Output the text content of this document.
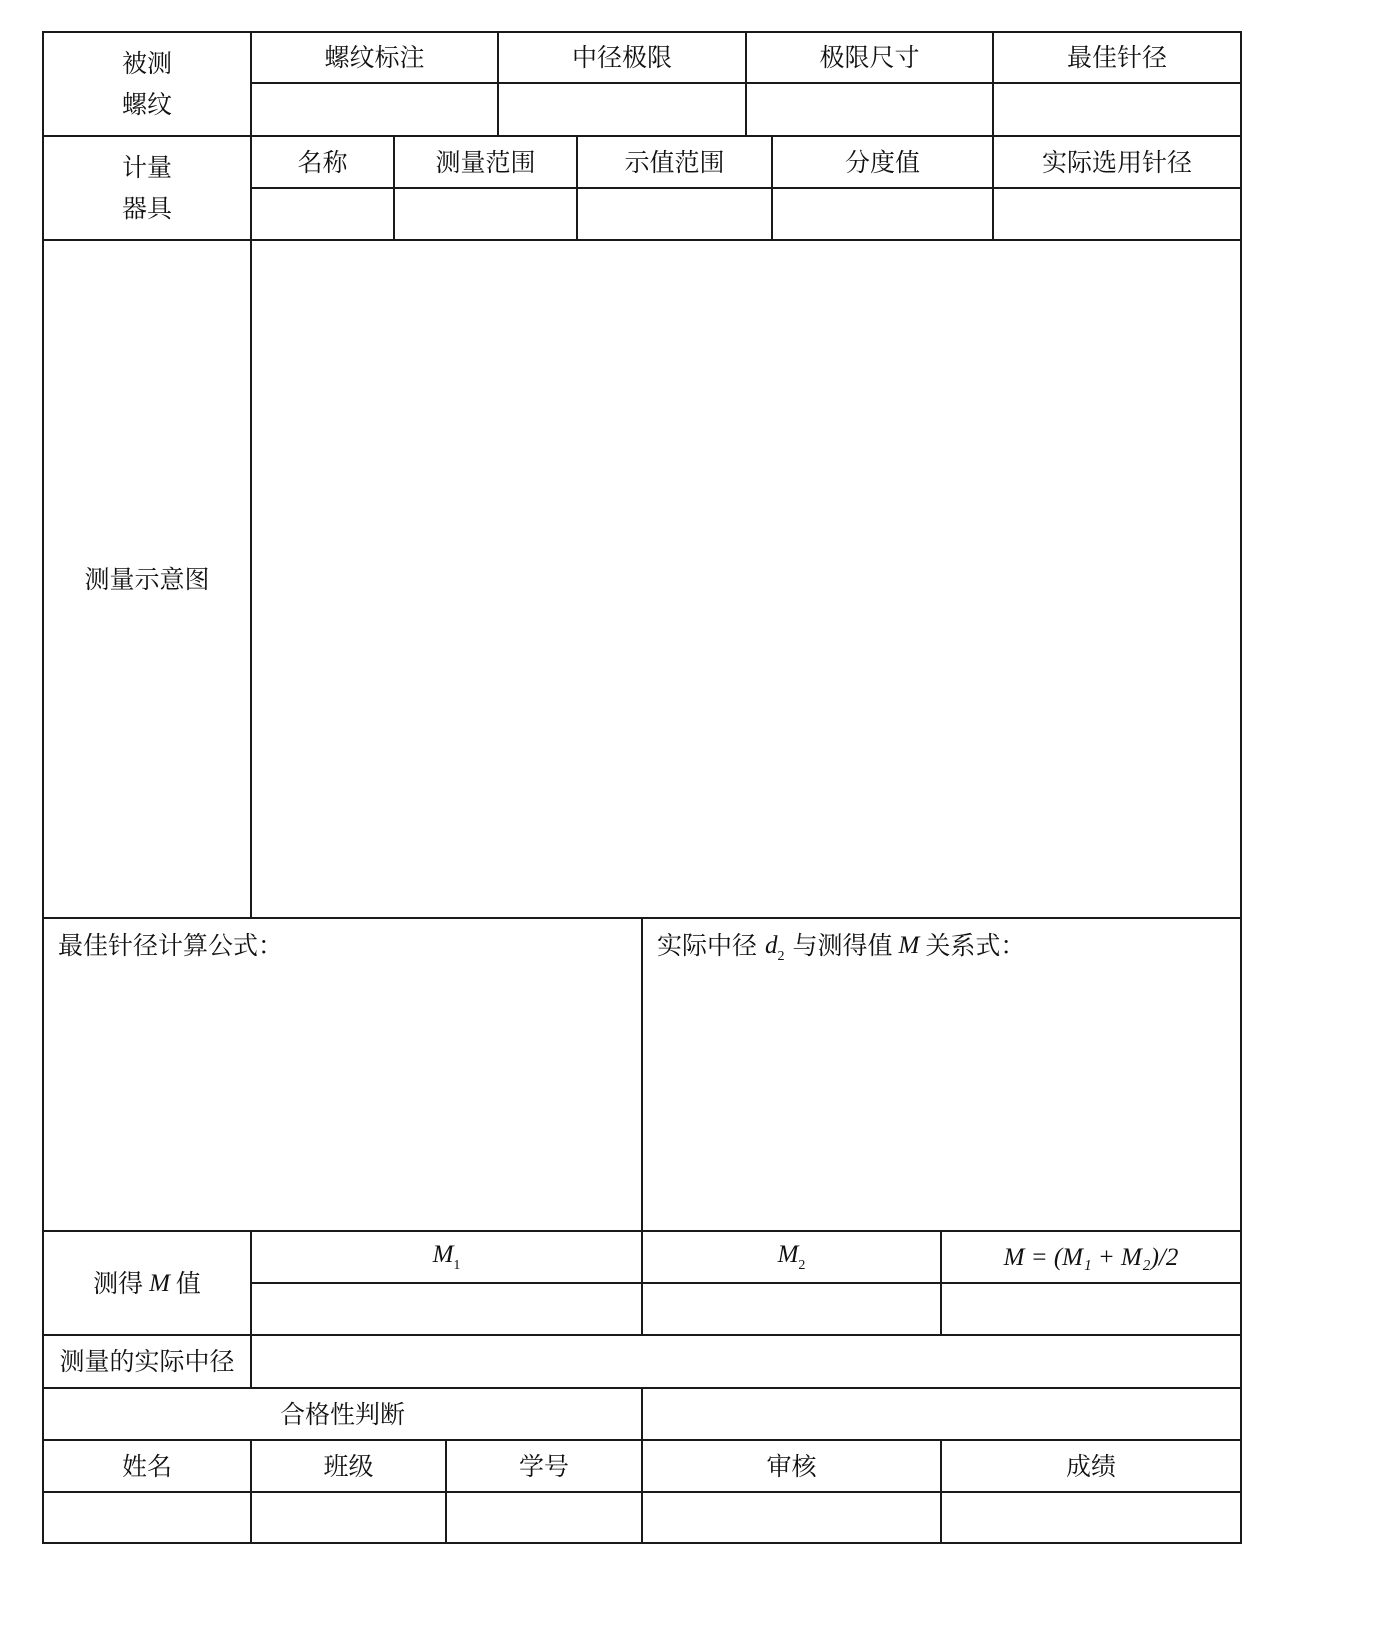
被测
螺纹
螺纹标注	中径极限	极限尺寸	最佳针径
计量
器具
名称	测量范围	示值范围	分度值	实际选用针径
测量示意图
最佳针径计算公式：	实际中径 $d_2$ 与测得值 M 关系式：
测得 M 值
$M_1$	$M_2$	M = (M₁ + M₂)/2
测量的实际中径
合格性判断
姓名	班级	学号	审核	成绩
